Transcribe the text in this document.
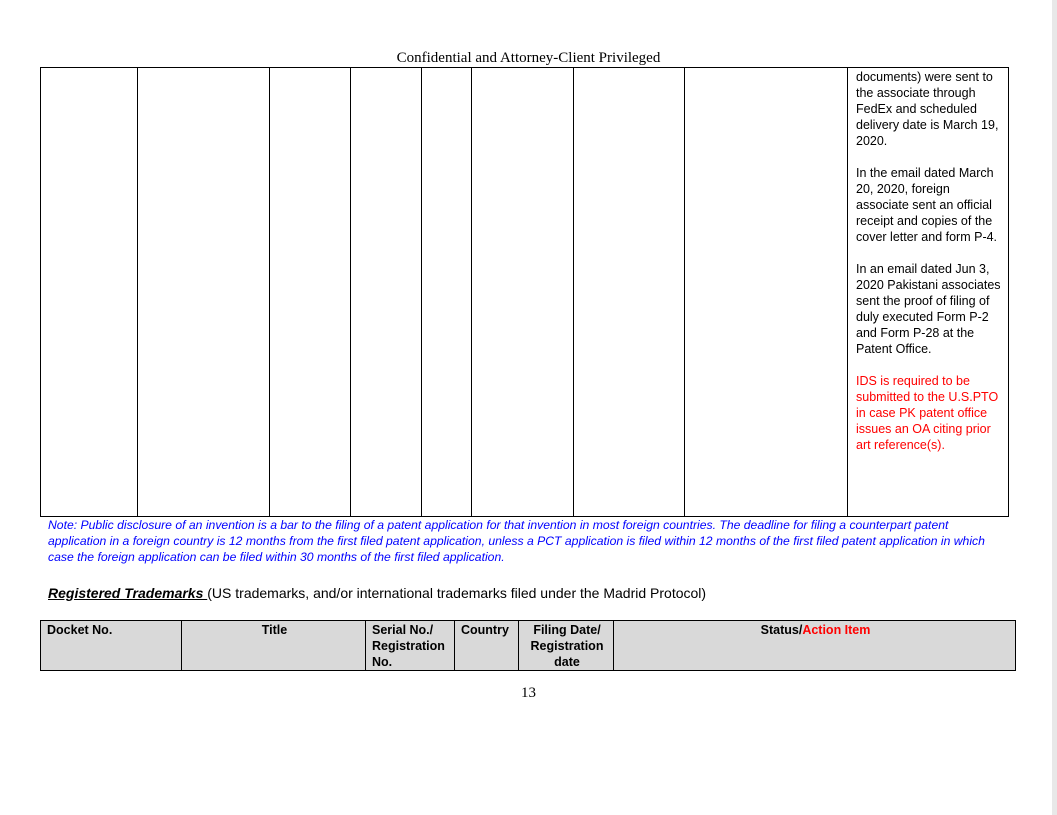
Confidential and Attorney-Client Privileged

documents) were sent to the associate through FedEx and scheduled delivery date is March 19, 2020.

In the email dated March 20, 2020, foreign associate sent an official receipt and copies of the cover letter and form P-4.

In an email dated Jun 3, 2020 Pakistani associates sent the proof of filing of duly executed Form P-2 and Form P-28 at the Patent Office.

IDS is required to be submitted to the U.S.PTO in case PK patent office issues an OA citing prior art reference(s).

Note: Public disclosure of an invention is a bar to the filing of a patent application for that invention in most foreign countries. The deadline for filing a counterpart patent application in a foreign country is 12 months from the first filed patent application, unless a PCT application is filed within 12 months of the first filed patent application in which case the foreign application can be filed within 30 months of the first filed application.
Registered Trademarks (US trademarks, and/or international trademarks filed under the Madrid Protocol)
Docket No.	Title	Serial No./ Registration No.	Country	Filing Date/ Registration date	Status/Action Item
13
